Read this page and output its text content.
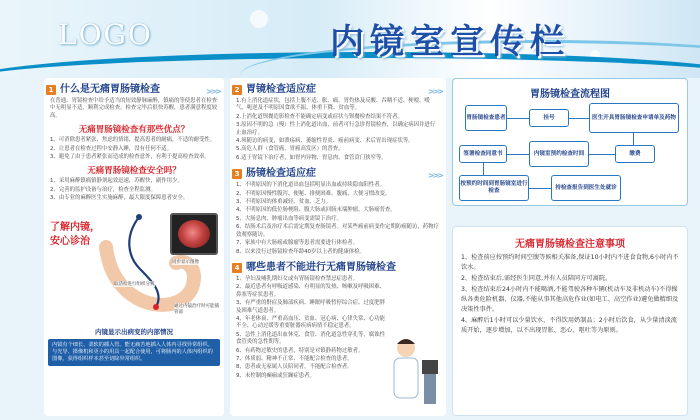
LOGO	内镜室宣传栏
1 什么是无痛胃肠镜检查	>>>

在普通、胃镜检查中给予适当的短效静脉麻醉，镇痛的等使患者在检查中无明显不适，顺利完成检查。检查完毕后很快苏醒，患者满意程度较高。

无痛胃肠镜检查有那些优点？

1、可消除患者紧张、焦虑的情绪，提高患者的耐痛，不适的耐受性。

2、让患者在检查过程中安静入睡，没有任何不适。

3、避免了由于患者紧张而造成的检查意外，有利于提高检查效率。

无痛胃肠镜检查安全吗？

1、采用麻醉镇痛镇静剂起效迅速，苏醒快，副作用少。

2、完善的监护设备与治疗，检查全程监测。

3、由专业的麻醉医生实施麻醉，最大限度保障患者安全。

了解内镜，安心诊治
同步显示图像
取活检进行组织分析
通过内镜治疗时可能插管部
内镜显示出病变的内部情况
内镜有个细长、柔软的插入管。能无痛苦地插入人体内寻找异常组织。与光导、摄像机和更小的用具一起配合使用，可将肠内的人体内组织的图像，获得组织样本甚至切除异常组织。
2 胃镜检查适应症	>>>

1.有上消化道症状，包括上腹不适、胀、痛、胃灼热及反酸、吞咽不适、梗噎、嗳气、呃逆及不明原因食欲不振、体重下降、贫血等。

2.上消化道钡餐造影检查不能确定病变或症状与钡餐检查结果不符者。

3.原因不明的急（慢）性上消化道出血，前者可行急诊胃镜检查，以确定病因并进行止血治疗。

4.须随访的病变，如溃疡病、萎缩性胃炎、癌前病变、术后胃出现症状等。

5.高危人群（食管癌、胃癌高发区）的普查。

6.适于胃镜下治疗者，如胃内异物、胃息肉、食管贲门狭窄等。

3 肠镜检查适应症	>>>

1、不明原因的下消化道出血包括明显出血或持续隐血阳性者。

2、不明原因慢性腹泻、便秘、排便困难、腹痛、大便习惯改变。

3、不明原因的体重减轻、贫血、乏力。

4、不明原因的低位肠梗阻、腹大肠或回肠末端肿瘤、大肠癌普查。

5、大肠息肉、肿瘤出血等病变需镜下治疗。

6、结肠术后及治疗术后需定期复查肠镜者。对某些癌前病变作定期防癌随访，药物疗效观察随访。

7、家族中有大肠癌或腺瘤等患者需要进行体检者。

8、以来没行过肠镜检查年龄40岁以上者的健康体检。

4 哪些患者不能进行无痛胃肠镜检查

1、孕妇及哺乳期妇女或有胃肠镜检查禁忌症患者。

2、最近患者有呼吸道感染、有明显的发热、咳嗽及呼吸困难、鼻塞等症状患者。

3、有严重的鼾症及肺部疾病、睡眠呼吸暂停综合症、过度肥胖及困难气道患者。

4、年老体衰、严重高血压、贫血、冠心病、心律失常、心功能不全、心动过缓等重要脏器疾病病情不稳定患者。

5、急性上消化道出血休克、食管、消化道急性穿孔等，腐蚀性食管炎的急性期等。

6、有药物过敏史的患者，特别是对镇静药物过敏者。

7、体质弱、精神不正常、不能配合检查的患者。

8、患者或无家属人员陪同者，不能配合检查者。

9、未控制的癫痫或狂躁症患者。

胃肠镜检查流程图
胃肠镜检查患者	挂号	医生开具胃肠镜检查申请单及药物
缴费
内镜室预约检查时间
签署检查同意书
按预约时间到胃肠镜室进行检查
持检查报告到医生处就诊
无痛胃肠镜检查注意事项

1、检查前应按预约时间空腹等候相关准备,保证10小时内不进食食物,6小时内不饮水。

2、检查结束后,需经医生同意,并有人员陪同方可离院。

3、检查结束后24小时内不能喝酒,不能驾驶各种车辆(机动车及非机动车)不得操纵各类危险机器、仪器,不能从事其他高危作业(如电工、高空作业)避免做精细及决策性事件。

4、麻醉后1小时可以少量饮水，不得饮用奶制品；2小时后饮食，从少量清淡流质开始，逐步增加，以不出现胃胀、恶心、呕吐等为原则。
